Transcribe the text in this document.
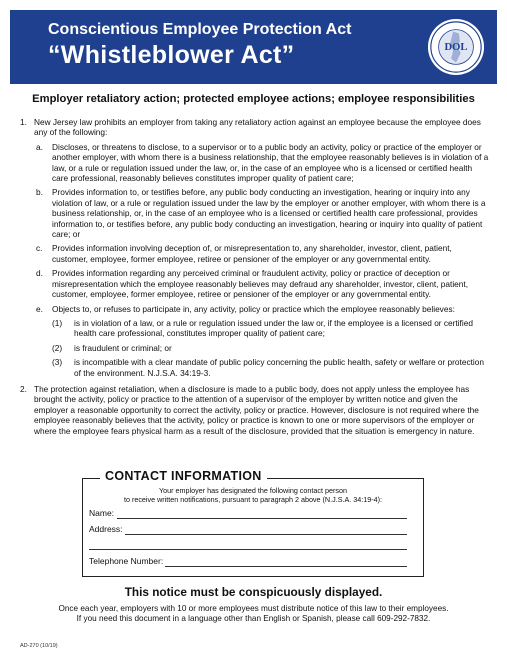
Conscientious Employee Protection Act
“Whistleblower Act”	DOL
Employer retaliatory action; protected employee actions; employee responsibilities
1. New Jersey law prohibits an employer from taking any retaliatory action against an employee because the employee does any of the following:
a.	Discloses, or threatens to disclose, to a supervisor or to a public body an activity, policy or practice of the employer or another employer, with whom there is a business relationship, that the employee reasonably believes is in violation of a law, or a rule or regulation issued under the law, or, in the case of an employee who is a licensed or certified health care professional, reasonably believes constitutes improper quality of patient care;
b.	Provides information to, or testifies before, any public body conducting an investigation, hearing or inquiry into any violation of law, or a rule or regulation issued under the law by the employer or another employer, with whom there is a business relationship, or, in the case of an employee who is a licensed or certified health care professional, provides information to, or testifies before, any public body conducting an investigation, hearing or inquiry into quality of patient care; or
c.	Provides information involving deception of, or misrepresentation to, any shareholder, investor, client, patient, customer, employee, former employee, retiree or pensioner of the employer or any governmental entity.
d.	Provides information regarding any perceived criminal or fraudulent activity, policy or practice of deception or misrepresentation which the employee reasonably believes may defraud any shareholder, investor, client, patient, customer, employee, former employee, retiree or pensioner of the employer or any governmental entity.
e.	Objects to, or refuses to participate in, any activity, policy or practice which the employee reasonably believes:
(1)	is in violation of a law, or a rule or regulation issued under the law or, if the employee is a licensed or certified health care professional, constitutes improper quality of patient care;
(2)	is fraudulent or criminal; or
(3)	is incompatible with a clear mandate of public policy concerning the public health, safety or welfare or protection of the environment. N.J.S.A. 34:19-3.
2. The protection against retaliation, when a disclosure is made to a public body, does not apply unless the employee has brought the activity, policy or practice to the attention of a supervisor of the employer by written notice and given the employer a reasonable opportunity to correct the activity, policy or practice. However, disclosure is not required where the employee reasonably believes that the activity, policy or practice is known to one or more supervisors of the employer or where the employee fears physical harm as a result of the disclosure, provided that the situation is emergency in nature.
CONTACT INFORMATION
Your employer has designated the following contact person
to receive written notifications, pursuant to paragraph 2 above (N.J.S.A. 34:19-4):
Name:
Address:
Telephone Number:
This notice must be conspicuously displayed.
Once each year, employers with 10 or more employees must distribute notice of this law to their employees.
If you need this document in a language other than English or Spanish, please call 609-292-7832.
AD-270 (10/19)
